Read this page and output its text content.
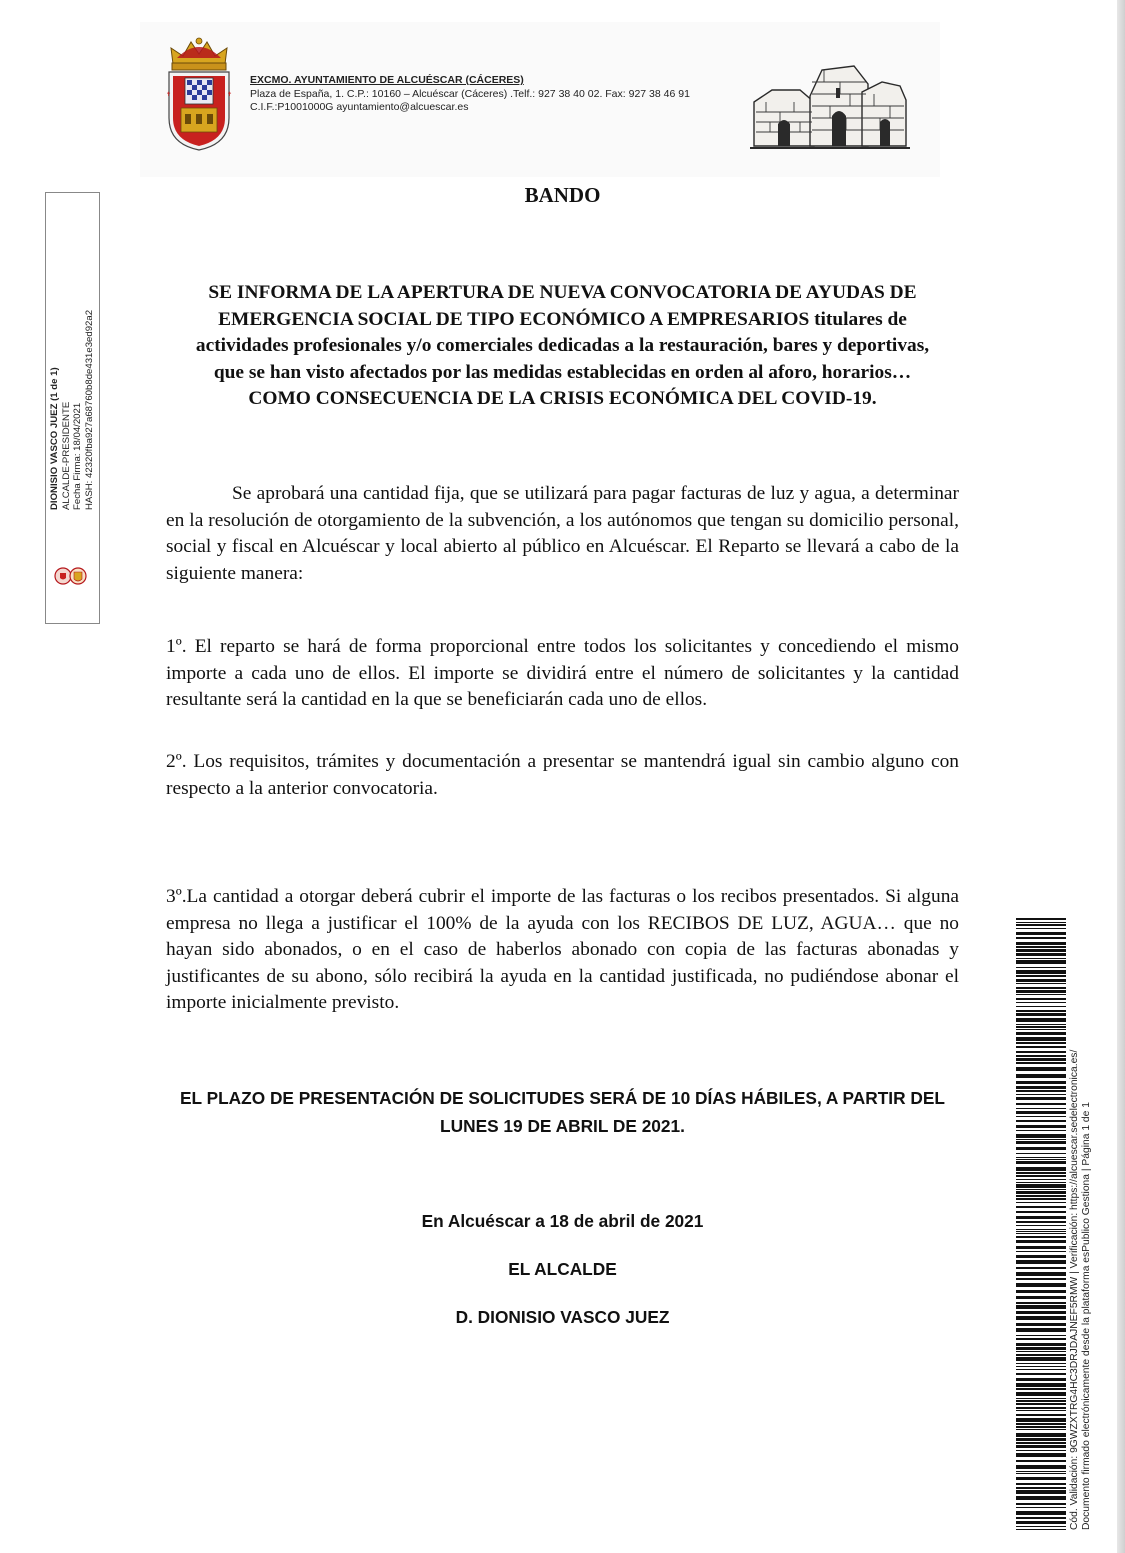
✝	✝
EXCMO. AYUNTAMIENTO DE ALCUÉSCAR (CÁCERES)
Plaza de España, 1. C.P.: 10160 – Alcuéscar (Cáceres) .Telf.: 927 38 40 02. Fax: 927 38 46 91
C.I.F.:P1001000G ayuntamiento@alcuescar.es
BANDO
SE INFORMA DE LA APERTURA DE NUEVA CONVOCATORIA DE AYUDAS DE
EMERGENCIA SOCIAL DE TIPO ECONÓMICO A EMPRESARIOS titulares de
actividades profesionales y/o comerciales dedicadas a la restauración, bares y deportivas,
que se han visto afectados por las medidas establecidas en orden al aforo, horarios…
COMO CONSECUENCIA DE LA CRISIS ECONÓMICA DEL COVID-19.
Se aprobará una cantidad fija, que se utilizará para pagar facturas de luz y agua, a determinar en la resolución de otorgamiento de la subvención, a los autónomos que tengan su domicilio personal, social y fiscal en Alcuéscar y local abierto al público en Alcuéscar. El Reparto se llevará a cabo de la siguiente manera:
1º. El reparto se hará de forma proporcional entre todos los solicitantes y concediendo el mismo importe a cada uno de ellos. El importe se dividirá entre el número de solicitantes y la cantidad resultante será la cantidad en la que se beneficiarán cada uno de ellos.
2º. Los requisitos, trámites y documentación a presentar se mantendrá igual sin cambio alguno con respecto a la anterior convocatoria.
3º.La cantidad a otorgar deberá cubrir el importe de las facturas o los recibos presentados. Si alguna empresa no llega a justificar el 100% de la ayuda con los RECIBOS DE LUZ, AGUA… que no hayan sido abonados, o en el caso de haberlos abonado con copia de las facturas abonadas y justificantes de su abono, sólo recibirá la ayuda en la cantidad justificada, no pudiéndose abonar el importe inicialmente previsto.
EL PLAZO DE PRESENTACIÓN DE SOLICITUDES SERÁ DE 10 DÍAS HÁBILES, A PARTIR DEL LUNES 19 DE ABRIL DE 2021.
En Alcuéscar a 18 de abril de 2021
EL ALCALDE
D. DIONISIO VASCO JUEZ
DIONISIO VASCO JUEZ (1 de 1) ALCALDE-PRESIDENTE Fecha Firma: 18/04/2021 HASH: 42320fba927a68760b8de431e3ed92a2
Cód. Validación: 9GWZXTRG4HC3DRJDAJNEF5RMW | Verificación: https://alcuescar.sedelectronica.es/ Documento firmado electrónicamente desde la plataforma esPublico Gestiona | Página 1 de 1
